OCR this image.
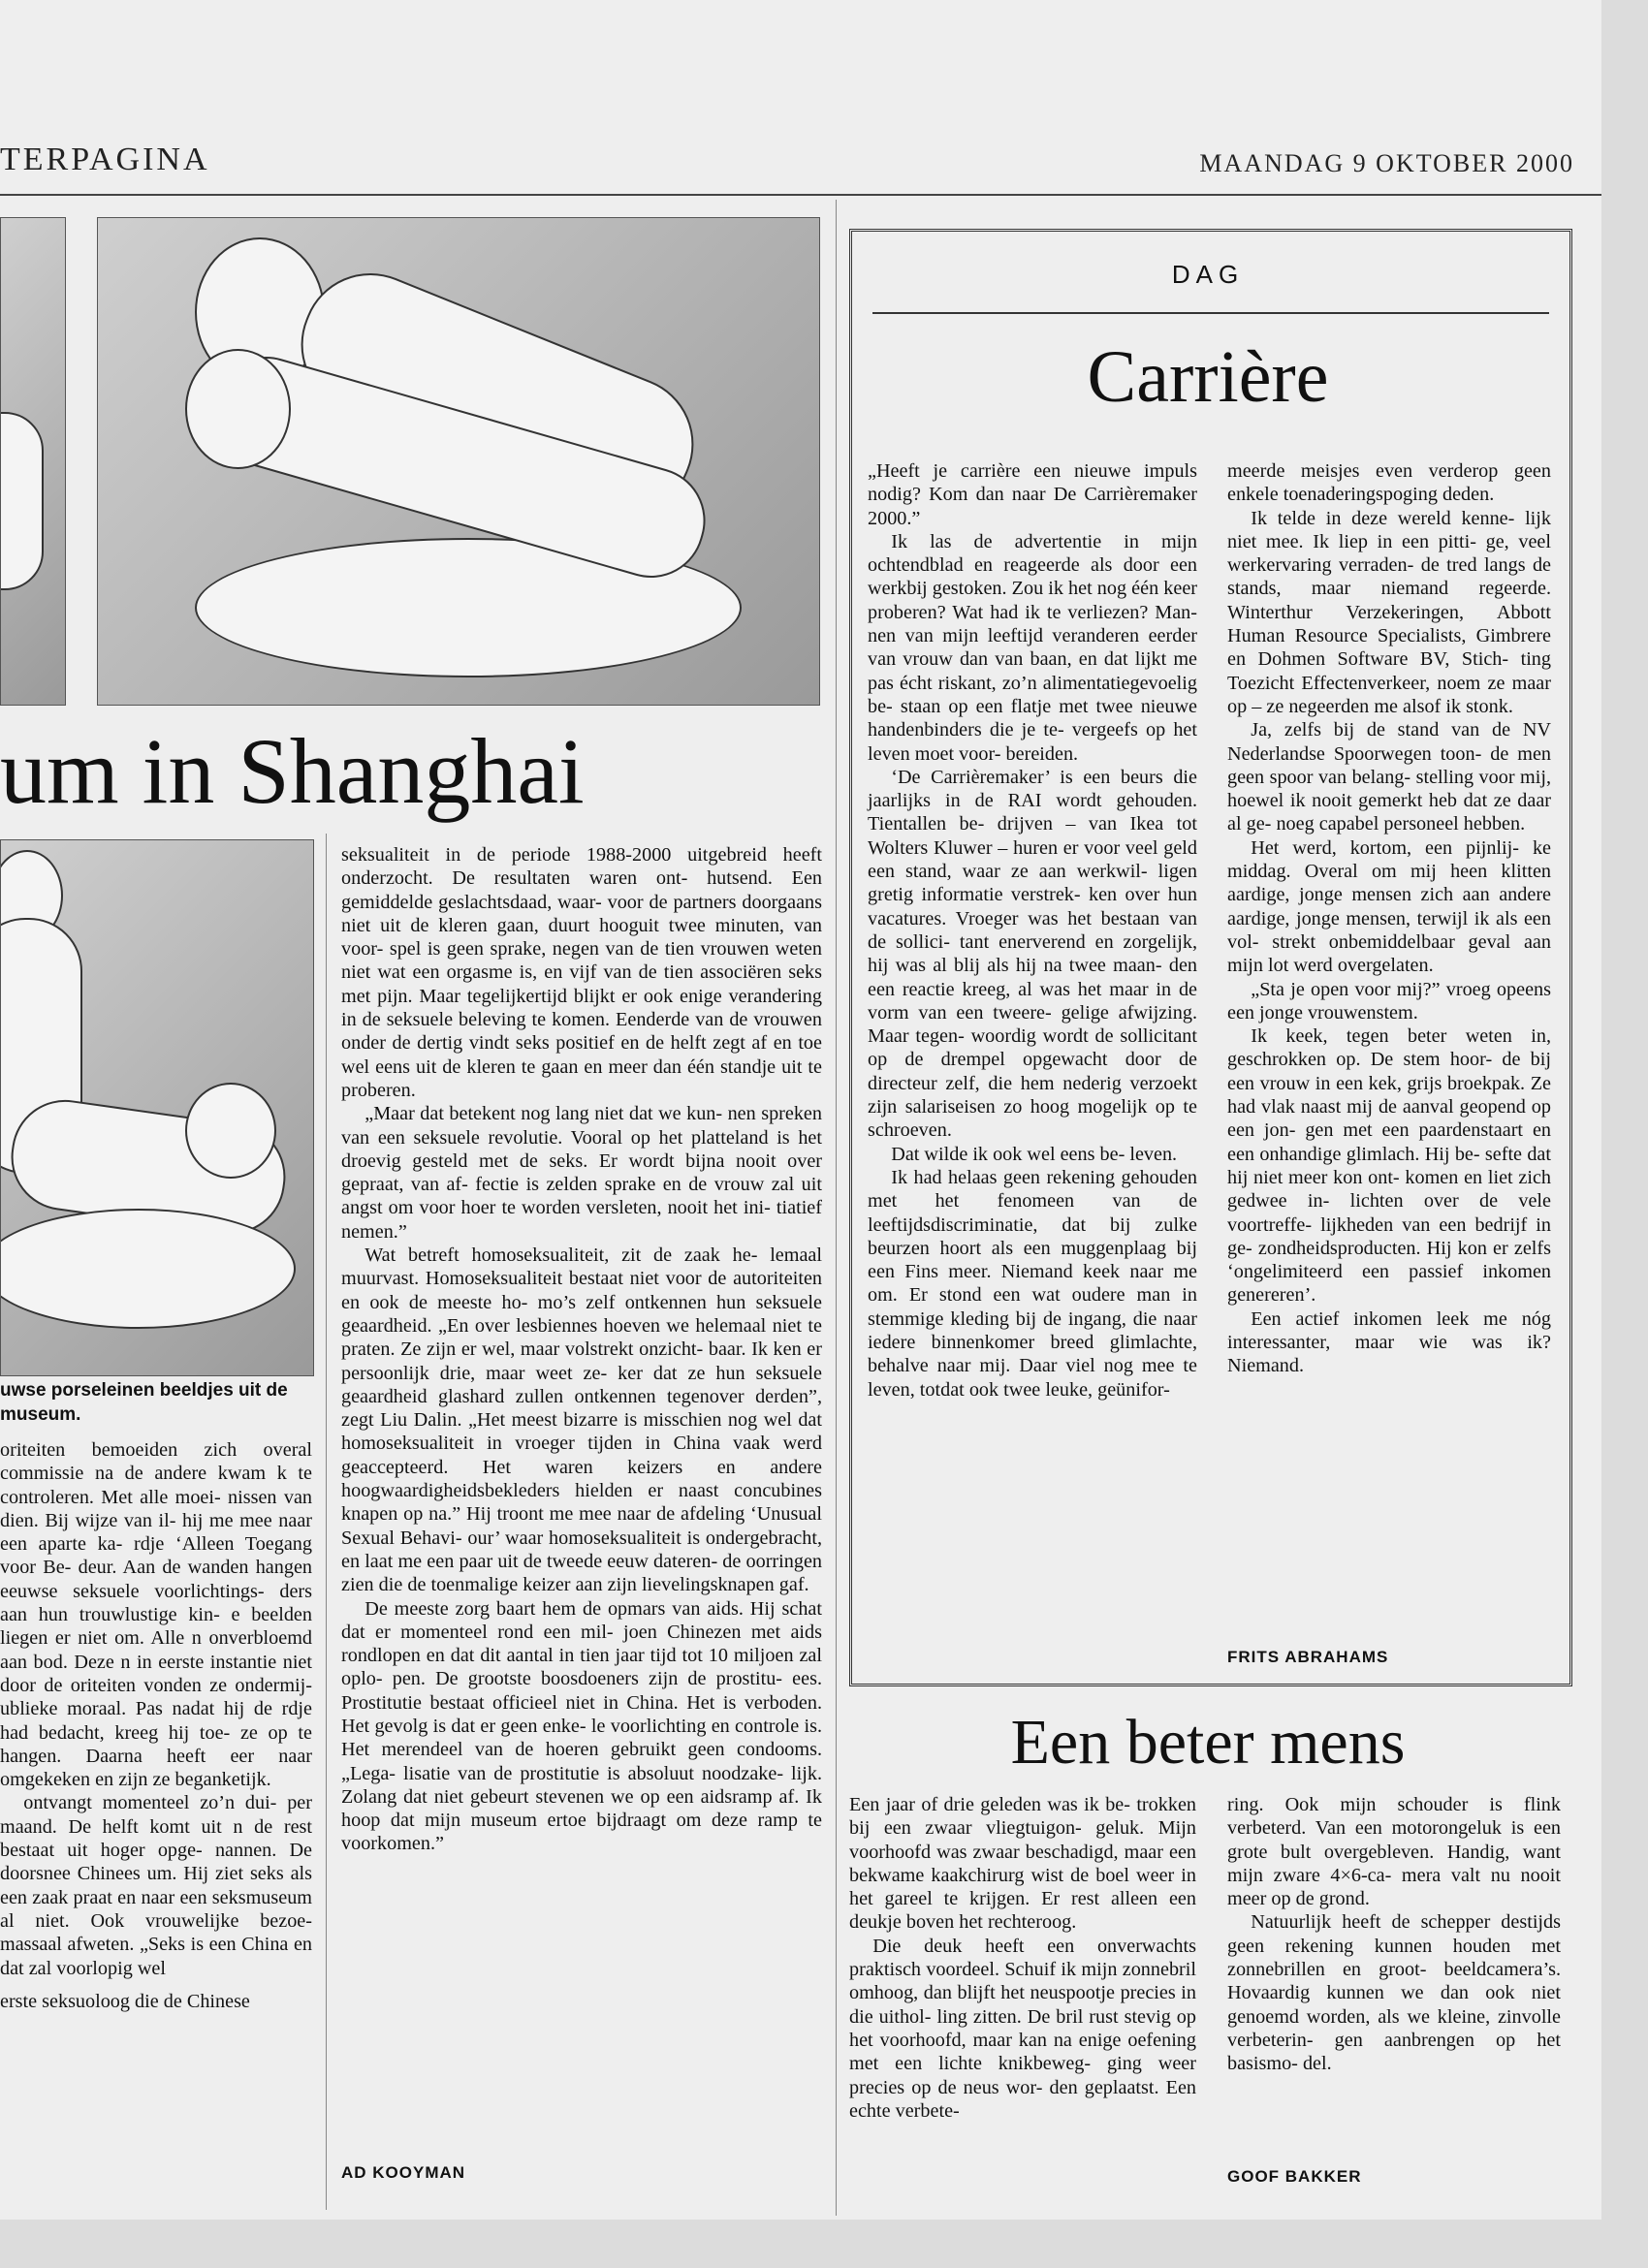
TERPAGINA	MAANDAG 9 OKTOBER 2000
um in Shanghai
uwse porseleinen beeldjes uit de museum.

oriteiten bemoeiden zich overal commissie na de andere kwam k te controleren. Met alle moei- nissen van dien. Bij wijze van il- hij me mee naar een aparte ka- rdje ‘Alleen Toegang voor Be- deur. Aan de wanden hangen eeuwse seksuele voorlichtings- ders aan hun trouwlustige kin- e beelden liegen er niet om. Alle n onverbloemd aan bod. Deze n in eerste instantie niet door de oriteiten vonden ze ondermij- ublieke moraal. Pas nadat hij de rdje had bedacht, kreeg hij toe- ze op te hangen. Daarna heeft eer naar omgekeken en zijn ze beganketijk.

ontvangt momenteel zo’n dui- per maand. De helft komt uit n de rest bestaat uit hoger opge- nannen. De doorsnee Chinees um. Hij ziet seks als een zaak praat en naar een seksmuseum al niet. Ook vrouwelijke bezoe- massaal afweten. „Seks is een China en dat zal voorlopig wel

erste seksuoloog die de Chinese

seksualiteit in de periode 1988-2000 uitgebreid heeft onderzocht. De resultaten waren ont- hutsend. Een gemiddelde geslachtsdaad, waar- voor de partners doorgaans niet uit de kleren gaan, duurt hooguit twee minuten, van voor- spel is geen sprake, negen van de tien vrouwen weten niet wat een orgasme is, en vijf van de tien associëren seks met pijn. Maar tegelijkertijd blijkt er ook enige verandering in de seksuele beleving te komen. Eenderde van de vrouwen onder de dertig vindt seks positief en de helft zegt af en toe wel eens uit de kleren te gaan en meer dan één standje uit te proberen.

„Maar dat betekent nog lang niet dat we kun- nen spreken van een seksuele revolutie. Vooral op het platteland is het droevig gesteld met de seks. Er wordt bijna nooit over gepraat, van af- fectie is zelden sprake en de vrouw zal uit angst om voor hoer te worden versleten, nooit het ini- tiatief nemen.”

Wat betreft homoseksualiteit, zit de zaak he- lemaal muurvast. Homoseksualiteit bestaat niet voor de autoriteiten en ook de meeste ho- mo’s zelf ontkennen hun seksuele geaardheid. „En over lesbiennes hoeven we helemaal niet te praten. Ze zijn er wel, maar volstrekt onzicht- baar. Ik ken er persoonlijk drie, maar weet ze- ker dat ze hun seksuele geaardheid glashard zullen ontkennen tegenover derden”, zegt Liu Dalin. „Het meest bizarre is misschien nog wel dat homoseksualiteit in vroeger tijden in China vaak werd geaccepteerd. Het waren keizers en andere hoogwaardigheidsbekleders hielden er naast concubines knapen op na.” Hij troont me mee naar de afdeling ‘Unusual Sexual Behavi- our’ waar homoseksualiteit is ondergebracht, en laat me een paar uit de tweede eeuw dateren- de oorringen zien die de toenmalige keizer aan zijn lievelingsknapen gaf.

De meeste zorg baart hem de opmars van aids. Hij schat dat er momenteel rond een mil- joen Chinezen met aids rondlopen en dat dit aantal in tien jaar tijd tot 10 miljoen zal oplo- pen. De grootste boosdoeners zijn de prostitu- ees. Prostitutie bestaat officieel niet in China. Het is verboden. Het gevolg is dat er geen enke- le voorlichting en controle is. Het merendeel van de hoeren gebruikt geen condooms. „Lega- lisatie van de prostitutie is absoluut noodzake- lijk. Zolang dat niet gebeurt stevenen we op een aidsramp af. Ik hoop dat mijn museum ertoe bijdraagt om deze ramp te voorkomen.”

AD KOOYMAN
DAG
Carrière

„Heeft je carrière een nieuwe impuls nodig? Kom dan naar De Carrièremaker 2000.”

Ik las de advertentie in mijn ochtendblad en reageerde als door een werkbij gestoken. Zou ik het nog één keer proberen? Wat had ik te verliezen? Man- nen van mijn leeftijd veranderen eerder van vrouw dan van baan, en dat lijkt me pas écht riskant, zo’n alimentatiegevoelig be- staan op een flatje met twee nieuwe handenbinders die je te- vergeefs op het leven moet voor- bereiden.

‘De Carrièremaker’ is een beurs die jaarlijks in de RAI wordt gehouden. Tientallen be- drijven – van Ikea tot Wolters Kluwer – huren er voor veel geld een stand, waar ze aan werkwil- ligen gretig informatie verstrek- ken over hun vacatures. Vroeger was het bestaan van de sollici- tant enerverend en zorgelijk, hij was al blij als hij na twee maan- den een reactie kreeg, al was het maar in de vorm van een tweere- gelige afwijzing. Maar tegen- woordig wordt de sollicitant op de drempel opgewacht door de directeur zelf, die hem nederig verzoekt zijn salariseisen zo hoog mogelijk op te schroeven.

Dat wilde ik ook wel eens be- leven.

Ik had helaas geen rekening gehouden met het fenomeen van de leeftijdsdiscriminatie, dat bij zulke beurzen hoort als een muggenplaag bij een Fins meer. Niemand keek naar me om. Er stond een wat oudere man in stemmige kleding bij de ingang, die naar iedere binnenkomer breed glimlachte, behalve naar mij. Daar viel nog mee te leven, totdat ook twee leuke, geünifor-

meerde meisjes even verderop geen enkele toenaderingspoging deden.

Ik telde in deze wereld kenne- lijk niet mee. Ik liep in een pitti- ge, veel werkervaring verraden- de tred langs de stands, maar niemand regeerde. Winterthur Verzekeringen, Abbott Human Resource Specialists, Gimbrere en Dohmen Software BV, Stich- ting Toezicht Effectenverkeer, noem ze maar op – ze negeerden me alsof ik stonk.

Ja, zelfs bij de stand van de NV Nederlandse Spoorwegen toon- de men geen spoor van belang- stelling voor mij, hoewel ik nooit gemerkt heb dat ze daar al ge- noeg capabel personeel hebben.

Het werd, kortom, een pijnlij- ke middag. Overal om mij heen klitten aardige, jonge mensen zich aan andere aardige, jonge mensen, terwijl ik als een vol- strekt onbemiddelbaar geval aan mijn lot werd overgelaten.

„Sta je open voor mij?” vroeg opeens een jonge vrouwenstem.

Ik keek, tegen beter weten in, geschrokken op. De stem hoor- de bij een vrouw in een kek, grijs broekpak. Ze had vlak naast mij de aanval geopend op een jon- gen met een paardenstaart en een onhandige glimlach. Hij be- sefte dat hij niet meer kon ont- komen en liet zich gedwee in- lichten over de vele voortreffe- lijkheden van een bedrijf in ge- zondheidsproducten. Hij kon er zelfs ‘ongelimiteerd een passief inkomen genereren’.

Een actief inkomen leek me nóg interessanter, maar wie was ik? Niemand.

FRITS ABRAHAMS
Een beter mens

Een jaar of drie geleden was ik be- trokken bij een zwaar vliegtuigon- geluk. Mijn voorhoofd was zwaar beschadigd, maar een bekwame kaakchirurg wist de boel weer in het gareel te krijgen. Er rest alleen een deukje boven het rechteroog.

Die deuk heeft een onverwachts praktisch voordeel. Schuif ik mijn zonnebril omhoog, dan blijft het neuspootje precies in die uithol- ling zitten. De bril rust stevig op het voorhoofd, maar kan na enige oefening met een lichte knikbeweg- ging weer precies op de neus wor- den geplaatst. Een echte verbete-

ring. Ook mijn schouder is flink verbeterd. Van een motorongeluk is een grote bult overgebleven. Handig, want mijn zware 4×6-ca- mera valt nu nooit meer op de grond.

Natuurlijk heeft de schepper destijds geen rekening kunnen houden met zonnebrillen en groot- beeldcamera’s. Hovaardig kunnen we dan ook niet genoemd worden, als we kleine, zinvolle verbeterin- gen aanbrengen op het basismo- del.

GOOF BAKKER
